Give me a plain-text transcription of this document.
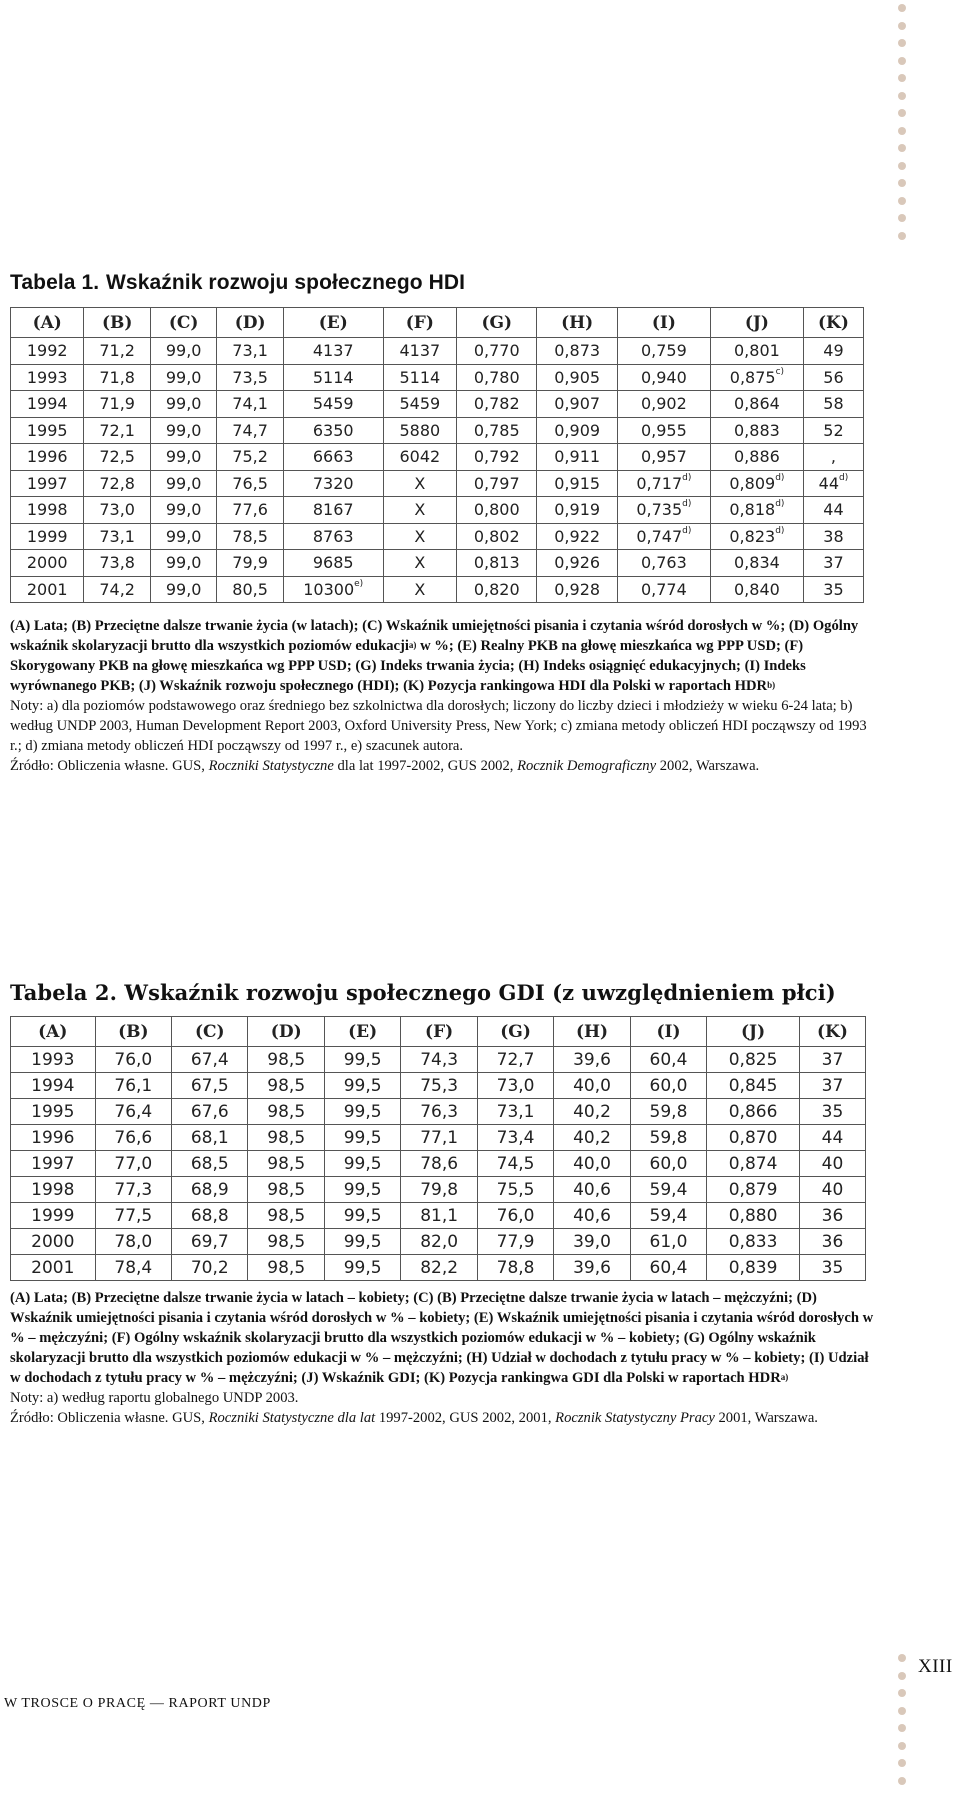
Tabela 1. Wskaźnik rozwoju społecznego HDI
(A)	(B)	(C)	(D)	(E)	(F)	(G)	(H)	(I)	(J)	(K)
1992	71,2	99,0	73,1	4137	4137	0,770	0,873	0,759	0,801	49
1993	71,8	99,0	73,5	5114	5114	0,780	0,905	0,940	0,875$^{c)}$	56
1994	71,9	99,0	74,1	5459	5459	0,782	0,907	0,902	0,864	58
1995	72,1	99,0	74,7	6350	5880	0,785	0,909	0,955	0,883	52
1996	72,5	99,0	75,2	6663	6042	0,792	0,911	0,957	0,886	,
1997	72,8	99,0	76,5	7320	X	0,797	0,915	0,717$^{d)}$	0,809$^{d)}$	44$^{d)}$
1998	73,0	99,0	77,6	8167	X	0,800	0,919	0,735$^{d)}$	0,818$^{d)}$	44
1999	73,1	99,0	78,5	8763	X	0,802	0,922	0,747$^{d)}$	0,823$^{d)}$	38
2000	73,8	99,0	79,9	9685	X	0,813	0,926	0,763	0,834	37
2001	74,2	99,0	80,5	10300$^{e)}$	X	0,820	0,928	0,774	0,840	35

(A) Lata; (B) Przeciętne dalsze trwanie życia (w latach); (C) Wskaźnik umiejętności pisania i czytania wśród dorosłych w %; (D) Ogólny wskaźnik skolaryzacji brutto dla wszystkich poziomów edukacji$^{a)}$ w %; (E) Realny PKB na głowę mieszkańca wg PPP USD; (F) Skorygowany PKB na głowę mieszkańca wg PPP USD; (G) Indeks trwania życia; (H) Indeks osiągnięć edukacyjnych; (I) Indeks wyrównanego PKB; (J) Wskaźnik rozwoju społecznego (HDI); (K) Pozycja rankingowa HDI dla Polski w raportach HDR$^{b)}$

Noty: a) dla poziomów podstawowego oraz średniego bez szkolnictwa dla dorosłych; liczony do liczby dzieci i młodzieży w wieku 6-24 lata; b) według UNDP 2003, Human Development Report 2003, Oxford University Press, New York; c) zmiana metody obliczeń HDI począwszy od 1993 r.; d) zmiana metody obliczeń HDI począwszy od 1997 r., e) szacunek autora.

Źródło: Obliczenia własne. GUS, Roczniki Statystyczne dla lat 1997-2002, GUS 2002, Rocznik Demograficzny 2002, Warszawa.

Tabela 2. Wskaźnik rozwoju społecznego GDI (z uwzględnieniem płci)
(A)	(B)	(C)	(D)	(E)	(F)	(G)	(H)	(I)	(J)	(K)
1993	76,0	67,4	98,5	99,5	74,3	72,7	39,6	60,4	0,825	37
1994	76,1	67,5	98,5	99,5	75,3	73,0	40,0	60,0	0,845	37
1995	76,4	67,6	98,5	99,5	76,3	73,1	40,2	59,8	0,866	35
1996	76,6	68,1	98,5	99,5	77,1	73,4	40,2	59,8	0,870	44
1997	77,0	68,5	98,5	99,5	78,6	74,5	40,0	60,0	0,874	40
1998	77,3	68,9	98,5	99,5	79,8	75,5	40,6	59,4	0,879	40
1999	77,5	68,8	98,5	99,5	81,1	76,0	40,6	59,4	0,880	36
2000	78,0	69,7	98,5	99,5	82,0	77,9	39,0	61,0	0,833	36
2001	78,4	70,2	98,5	99,5	82,2	78,8	39,6	60,4	0,839	35

(A) Lata; (B) Przeciętne dalsze trwanie życia w latach – kobiety; (C) (B) Przeciętne dalsze trwanie życia w latach – mężczyźni; (D) Wskaźnik umiejętności pisania i czytania wśród dorosłych w % – kobiety; (E) Wskaźnik umiejętności pisania i czytania wśród dorosłych w % – mężczyźni; (F) Ogólny wskaźnik skolaryzacji brutto dla wszystkich poziomów edukacji w % – kobiety; (G) Ogólny wskaźnik skolaryzacji brutto dla wszystkich poziomów edukacji w % – mężczyźni; (H) Udział w dochodach z tytułu pracy w % – kobiety; (I) Udział w dochodach z tytułu pracy w % – mężczyźni; (J) Wskaźnik GDI; (K) Pozycja rankingwa GDI dla Polski w raportach HDR$^{a)}$

Noty: a) według raportu globalnego UNDP 2003.

Źródło: Obliczenia własne. GUS, Roczniki Statystyczne dla lat 1997-2002, GUS 2002, 2001, Rocznik Statystyczny Pracy 2001, Warszawa.

W TROSCE O PRACĘ — RAPORT UNDP
XIII
